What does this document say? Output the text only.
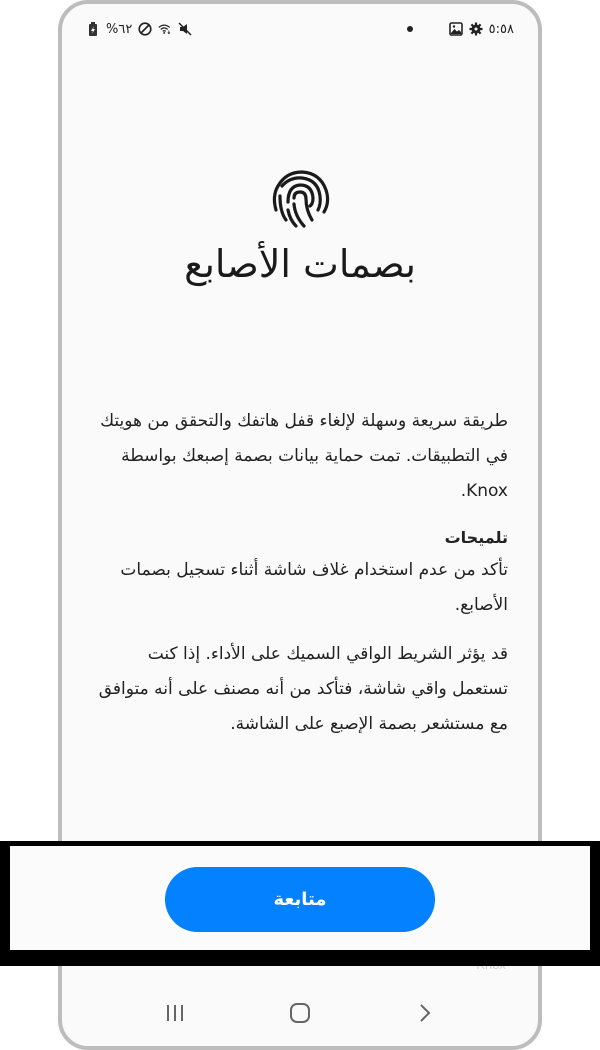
%٦٢	٥:٥٨
بصمات الأصابع

طريقة سريعة وسهلة لإلغاء قفل هاتفك والتحقق من هويتك في التطبيقات. تمت حماية بيانات بصمة إصبعك بواسطة Knox.

تلميحات

تأكد من عدم استخدام غلاف شاشة أثناء تسجيل بصمات الأصابع.

قد يؤثر الشريط الواقي السميك على الأداء. إذا كنت تستعمل واقي شاشة، فتأكد من أنه مصنف على أنه متوافق مع مستشعر بصمة الإصبع على الشاشة.

متابعة
